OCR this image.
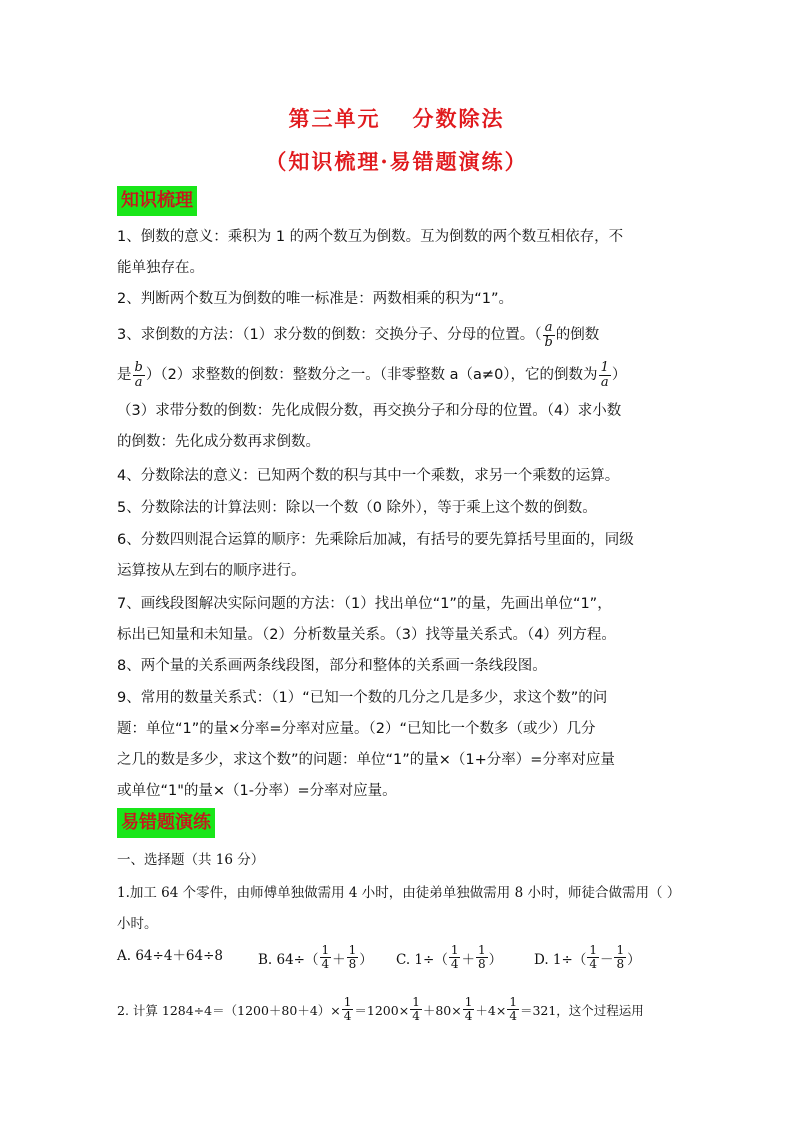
第三单元 分数除法
（知识梳理·易错题演练）
知识梳理
1、倒数的意义：乘积为 1 的两个数互为倒数。互为倒数的两个数互相依存，不
能单独存在。
2、判断两个数互为倒数的唯一标准是：两数相乘的积为“1”。
3、求倒数的方法：（1）求分数的倒数：交换分子、分母的位置。（ $\frac{a}{b}$ 的倒数
是 $\frac{b}{a} )(2)$求整数的倒数：整数分之一。（非零整数 a（a≠0），它的倒数为 $\frac{1}{a}$ ）
（3）求带分数的倒数：先化成假分数，再交换分子和分母的位置。（4）求小数
的倒数：先化成分数再求倒数。
4、分数除法的意义：已知两个数的积与其中一个乘数，求另一个乘数的运算。
5、分数除法的计算法则：除以一个数（0 除外），等于乘上这个数的倒数。
6、分数四则混合运算的顺序：先乘除后加减，有括号的要先算括号里面的，同级
运算按从左到右的顺序进行。
7、画线段图解决实际问题的方法：（1）找出单位“1”的量，先画出单位“1”，
标出已知量和未知量。（2）分析数量关系。（3）找等量关系式。（4）列方程。
8、两个量的关系画两条线段图，部分和整体的关系画一条线段图。
9、常用的数量关系式：（1）“已知一个数的几分之几是多少，求这个数”的问
题：单位“1”的量×分率=分率对应量。（2）“已知比一个数多（或少）几分
之几的数是多少，求这个数”的问题：单位“1”的量×（1+分率）=分率对应量
或单位“1"的量×（1-分率）=分率对应量。
易错题演练
一、选择题（共 16 分）
1.加工 64 个零件，由师傅单独做需用 4 小时，由徒弟单独做需用 8 小时，师徒合做需用（ ）
小时。
A. 64÷4＋64÷8	B. 64÷（
1
4 ＋
1
8 ） C. 1÷（
1
4 ＋
1
8 ） D. 1÷（
1
4 －
1
8 ）
2. 计算 $1284\div 4=(1200+80+4)\times \frac{1}{4} =1200\times \frac{1}{4} +80\times \frac{1}{4} +4\times \frac{1}{4} =321$，这个过程运用
